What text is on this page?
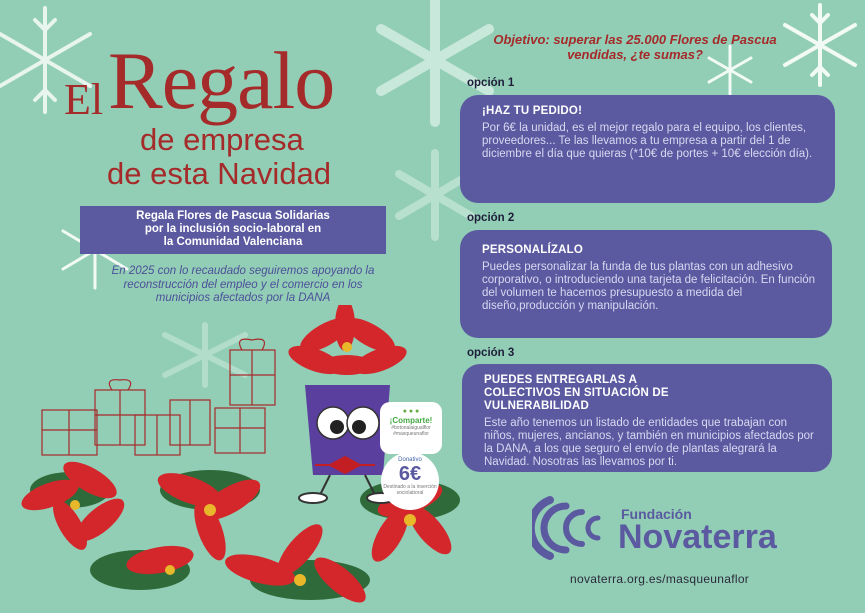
El Regalo
de empresa
de esta Navidad
Regala Flores de Pascua Solidarias
por la inclusión socio-laboral en
la Comunidad Valenciana
En 2025 con lo recaudado seguiremos apoyando la reconstrucción del empleo y el comercio en los municipios afectados por la DANA
● ● ●
¡Comparte!
#botonalaigualflor
#masqueunaflor
Donativo
6€
Destinado a la inserción sociolaboral
Objetivo: superar las 25.000 Flores de Pascua vendidas, ¿te sumas?
opción 1
¡HAZ TU PEDIDO!
Por 6€ la unidad, es el mejor regalo para el equipo, los clientes, proveedores... Te las llevamos a tu empresa a partir del 1 de diciembre el día que quieras (*10€ de portes + 10€ elección día).
opción 2
PERSONALÍZALO
Puedes personalizar la funda de tus plantas con un adhesivo corporativo, o introduciendo una tarjeta de felicitación. En función del volumen te hacemos presupuesto a medida del diseño,producción y manipulación.
opción 3
PUEDES ENTREGARLAS A COLECTIVOS EN SITUACIÓN DE VULNERABILIDAD
Este año tenemos un listado de entidades que trabajan con niños, mujeres, ancianos, y también en municipios afectados por la DANA, a los que seguro el envío de plantas alegrará la Navidad. Nosotras las llevamos por ti.
Fundación
Novaterra
novaterra.org.es/masqueunaflor
